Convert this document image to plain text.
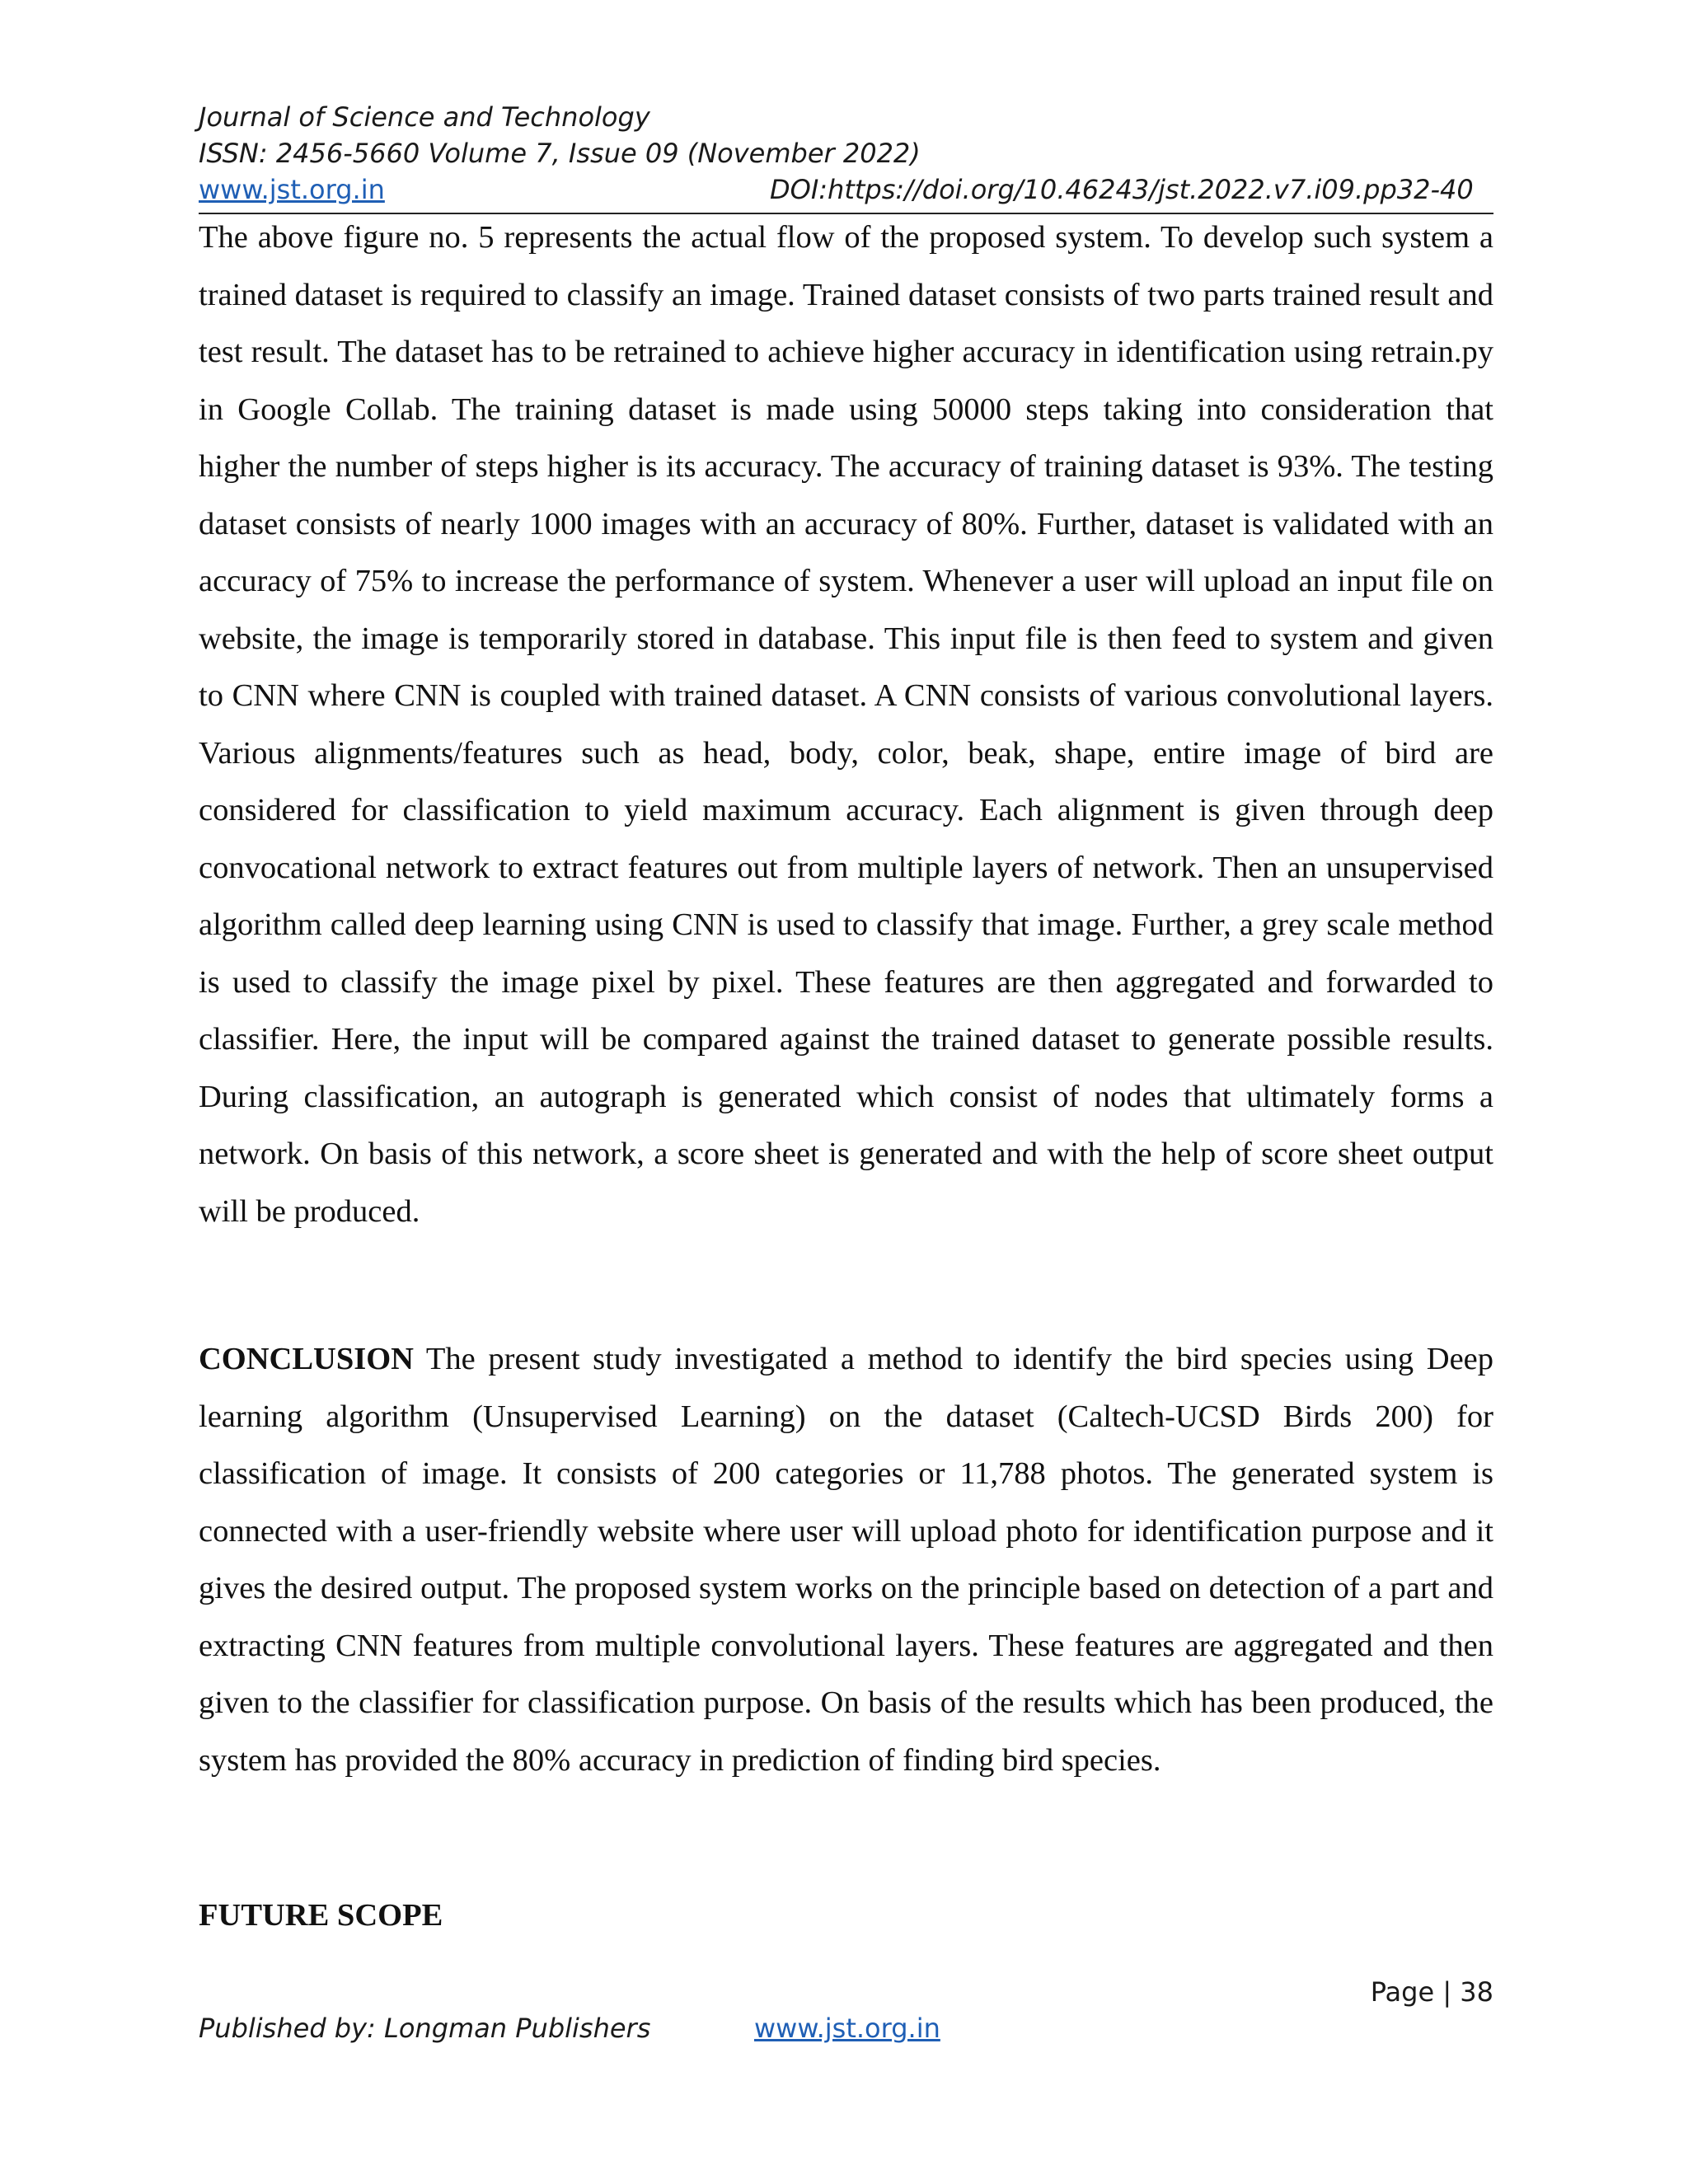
Journal of Science and Technology
ISSN: 2456-5660 Volume 7, Issue 09 (November 2022)
www.jst.org.in	DOI:https://doi.org/10.46243/jst.2022.v7.i09.pp32-40

The above figure no. 5 represents the actual flow of the proposed system. To develop such system a trained dataset is required to classify an image. Trained dataset consists of two parts trained result and test result. The dataset has to be retrained to achieve higher accuracy in identification using retrain.py in Google Collab. The training dataset is made using 50000 steps taking into consideration that higher the number of steps higher is its accuracy. The accuracy of training dataset is 93%. The testing dataset consists of nearly 1000 images with an accuracy of 80%. Further, dataset is validated with an accuracy of 75% to increase the performance of system. Whenever a user will upload an input file on website, the image is temporarily stored in database. This input file is then feed to system and given to CNN where CNN is coupled with trained dataset. A CNN consists of various convolutional layers. Various alignments/features such as head, body, color, beak, shape, entire image of bird are considered for classification to yield maximum accuracy. Each alignment is given through deep convocational network to extract features out from multiple layers of network. Then an unsupervised algorithm called deep learning using CNN is used to classify that image. Further, a grey scale method is used to classify the image pixel by pixel. These features are then aggregated and forwarded to classifier. Here, the input will be compared against the trained dataset to generate possible results. During classification, an autograph is generated which consist of nodes that ultimately forms a network. On basis of this network, a score sheet is generated and with the help of score sheet output will be produced.

CONCLUSION The present study investigated a method to identify the bird species using Deep learning algorithm (Unsupervised Learning) on the dataset (Caltech-UCSD Birds 200) for classification of image. It consists of 200 categories or 11,788 photos. The generated system is connected with a user-friendly website where user will upload photo for identification purpose and it gives the desired output. The proposed system works on the principle based on detection of a part and extracting CNN features from multiple convolutional layers. These features are aggregated and then given to the classifier for classification purpose. On basis of the results which has been produced, the system has provided the 80% accuracy in prediction of finding bird species.

FUTURE SCOPE
Page | 38
Published by: Longman Publishers	www.jst.org.in
